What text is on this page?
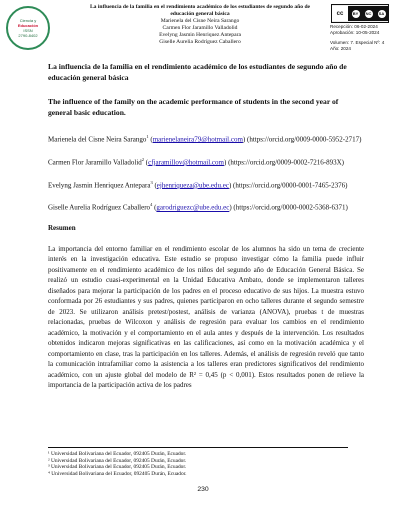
Ciencia y
Educación
ISSN
2790-8402
La influencia de la familia en el rendimiento académico de los estudiantes de segundo año de
educación general básica
Marienela del Cisne Neira Sarango
Carmen Flor Jaramillo Valladolid
Evelyng Jasmin Henriquez Antepara
Giselle Aurelia Rodríguez Caballero
cc	BY	NC	SA
Recepción: 06-02-2024
Aprobación: 10-05-2024
Volumen: 7. Especial Nº: 4
Año: 2024

La influencia de la familia en el rendimiento académico de los estudiantes de segundo año de educación general básica

The influence of the family on the academic performance of students in the second year of general basic education.

Marienela del Cisne Neira Sarango$^1$ (marienelaneira79@hotmail.com) (https://orcid.org/0009-0000-5952-2717)

Carmen Flor Jaramillo Valladolid$^2$ (cfjaramillov@hotmail.com) (https://orcid.org/0009-0002-7216-893X)

Evelyng Jasmin Henriquez Antepara$^3$ (ejhenriqueza@ube.edu.ec) (https://orcid.org/0000-0001-7465-2376)

Giselle Aurelia Rodríguez Caballero$^4$ (garodriguezc@ube.edu.ec) (https://orcid.org/0000-0002-5368-6371)

Resumen

La importancia del entorno familiar en el rendimiento escolar de los alumnos ha sido un tema de creciente interés en la investigación educativa. Este estudio se propuso investigar cómo la familia puede influir positivamente en el rendimiento académico de los niños del segundo año de Educación General Básica. Se realizó un estudio cuasi-experimental en la Unidad Educativa Ambato, donde se implementaron talleres diseñados para mejorar la participación de los padres en el proceso educativo de sus hijos. La muestra estuvo conformada por 26 estudiantes y sus padres, quienes participaron en ocho talleres durante el segundo semestre de 2023. Se utilizaron análisis pretest/postest, análisis de varianza (ANOVA), pruebas t de muestras relacionadas, pruebas de Wilcoxon y análisis de regresión para evaluar los cambios en el rendimiento académico, la motivación y el comportamiento en el aula antes y después de la intervención. Los resultados obtenidos indicaron mejoras significativas en las calificaciones, así como en la motivación académica y el comportamiento en clase, tras la participación en los talleres. Además, el análisis de regresión reveló que tanto la comunicación intrafamiliar como la asistencia a los talleres eran predictores significativos del rendimiento académico, con un ajuste global del modelo de R² = 0,45 (p < 0,001). Estos resultados ponen de relieve la importancia de la participación activa de los padres

¹ Universidad Bolivariana del Ecuador, 092405 Durán, Ecuador.
² Universidad Bolivariana del Ecuador, 092405 Durán, Ecuador.
³ Universidad Bolivariana del Ecuador, 092405 Durán, Ecuador.
⁴ Universidad Bolivariana del Ecuador, 092405 Durán, Ecuador.
230
